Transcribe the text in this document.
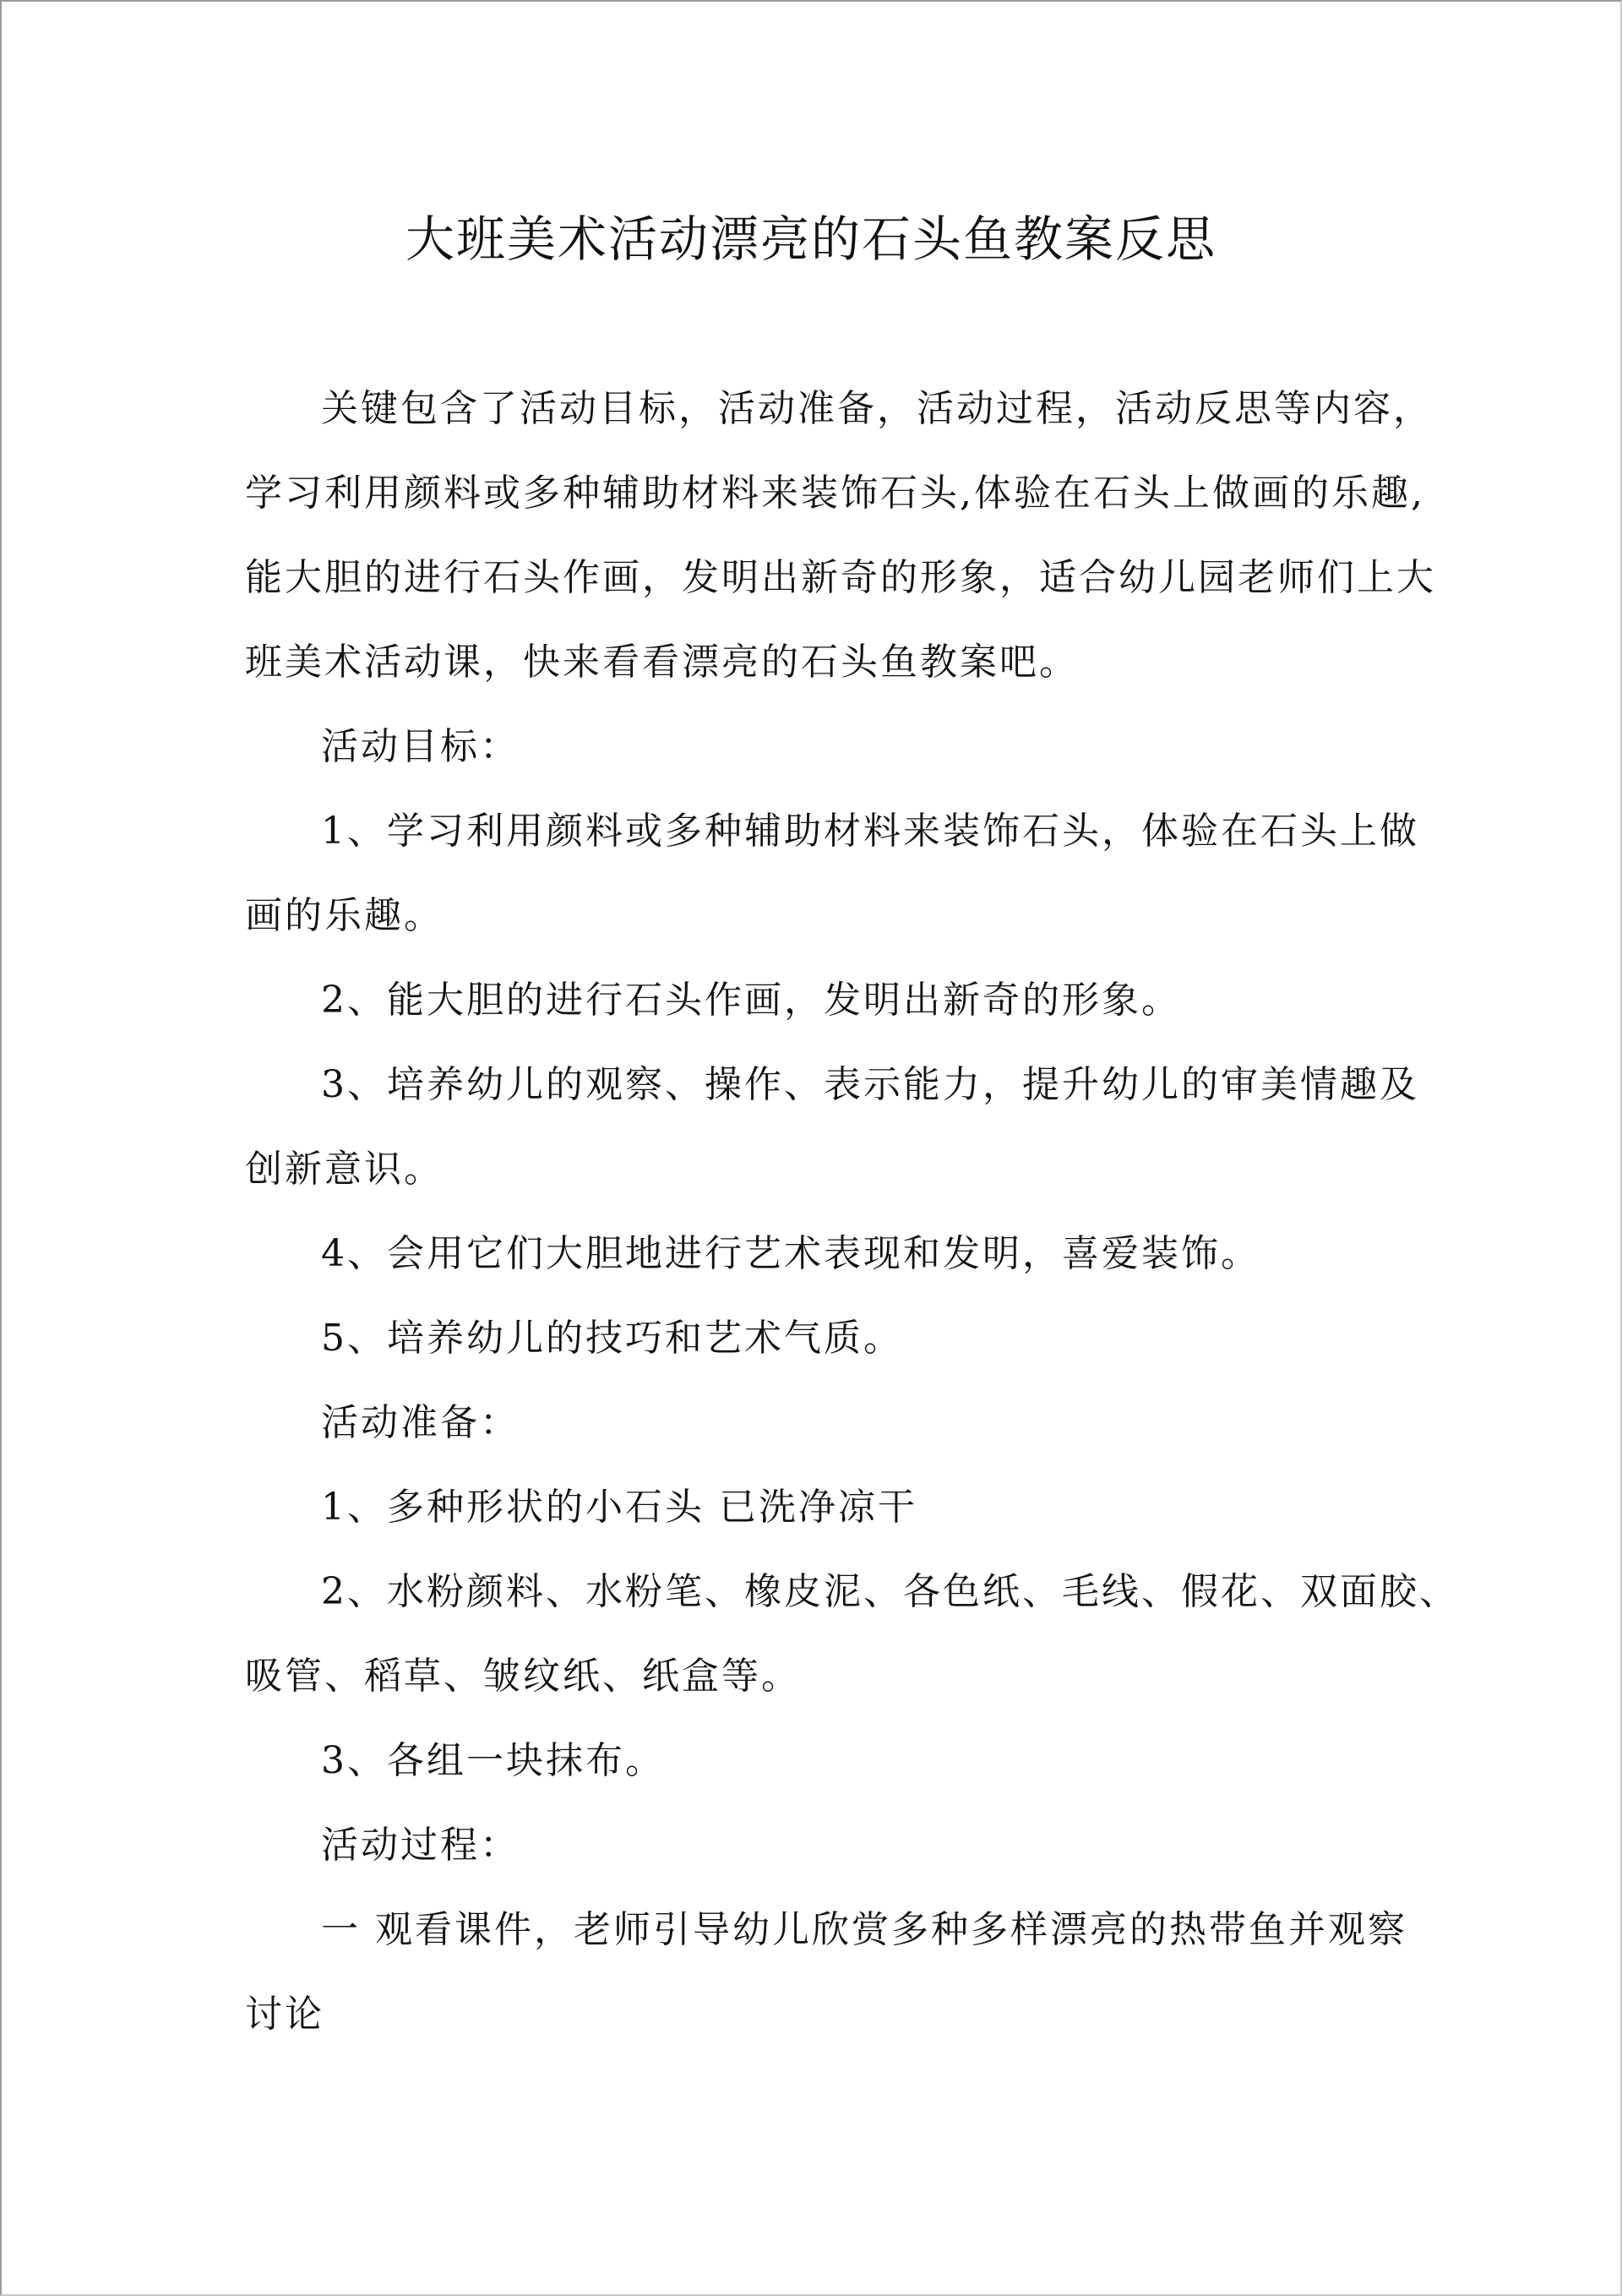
大班美术活动漂亮的石头鱼教案反思

关键包含了活动目标，活动准备，活动过程，活动反思等内容，

学习利用颜料或多种辅助材料来装饰石头,体验在石头上做画的乐趣,

能大胆的进行石头作画，发明出新奇的形象，适合幼儿园老师们上大

班美术活动课，快来看看漂亮的石头鱼教案吧。

活动目标：

1、学习利用颜料或多种辅助材料来装饰石头，体验在石头上做

画的乐趣。

2、能大胆的进行石头作画，发明出新奇的形象。

3、培养幼儿的观察、操作、表示能力，提升幼儿的审美情趣及

创新意识。

4、会用它们大胆地进行艺术表现和发明，喜爱装饰。

5、培养幼儿的技巧和艺术气质。

活动准备：

1、多种形状的小石头 已洗净凉干

2、水粉颜料、水粉笔、橡皮泥、各色纸、毛线、假花、双面胶、

吸管、稻草、皱纹纸、纸盒等。

3、各组一块抹布。

活动过程：

一 观看课件，老师引导幼儿欣赏多种多样漂亮的热带鱼并观察

讨论
